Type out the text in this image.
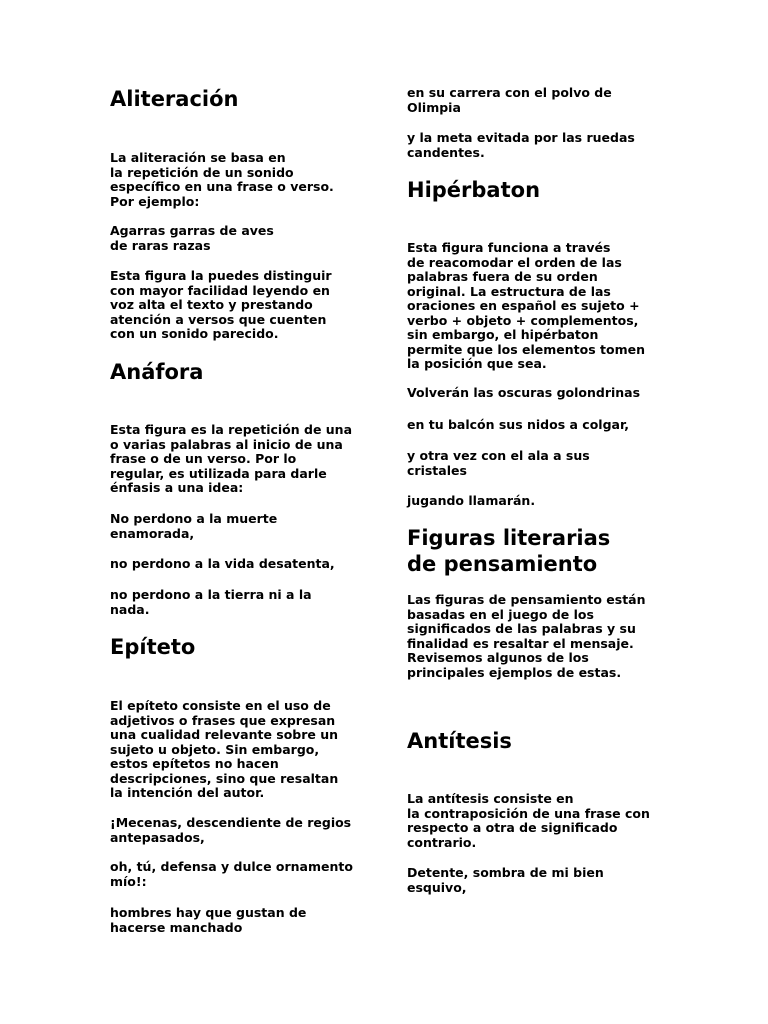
Aliteración

La aliteración se basa en
la repetición de un sonido
específico en una frase o verso.
Por ejemplo:

Agarras garras de aves
de raras razas

Esta figura la puedes distinguir
con mayor facilidad leyendo en
voz alta el texto y prestando
atención a versos que cuenten
con un sonido parecido.

Anáfora

Esta figura es la repetición de una
o varias palabras al inicio de una
frase o de un verso. Por lo
regular, es utilizada para darle
énfasis a una idea:

No perdono a la muerte
enamorada,

no perdono a la vida desatenta,

no perdono a la tierra ni a la
nada.

Epíteto

El epíteto consiste en el uso de
adjetivos o frases que expresan
una cualidad relevante sobre un
sujeto u objeto. Sin embargo,
estos epítetos no hacen
descripciones, sino que resaltan
la intención del autor.

¡Mecenas, descendiente de regios
antepasados,

oh, tú, defensa y dulce ornamento
mío!:

hombres hay que gustan de
hacerse manchado

en su carrera con el polvo de
Olimpia

y la meta evitada por las ruedas
candentes.

Hipérbaton

Esta figura funciona a través
de reacomodar el orden de las
palabras fuera de su orden
original. La estructura de las
oraciones en español es sujeto +
verbo + objeto + complementos,
sin embargo, el hipérbaton
permite que los elementos tomen
la posición que sea.

Volverán las oscuras golondrinas

en tu balcón sus nidos a colgar,

y otra vez con el ala a sus
cristales

jugando llamarán.

Figuras literarias
de pensamiento

Las figuras de pensamiento están
basadas en el juego de los
significados de las palabras y su
finalidad es resaltar el mensaje.
Revisemos algunos de los
principales ejemplos de estas.

Antítesis

La antítesis consiste en
la contraposición de una frase con
respecto a otra de significado
contrario.

Detente, sombra de mi bien
esquivo,
